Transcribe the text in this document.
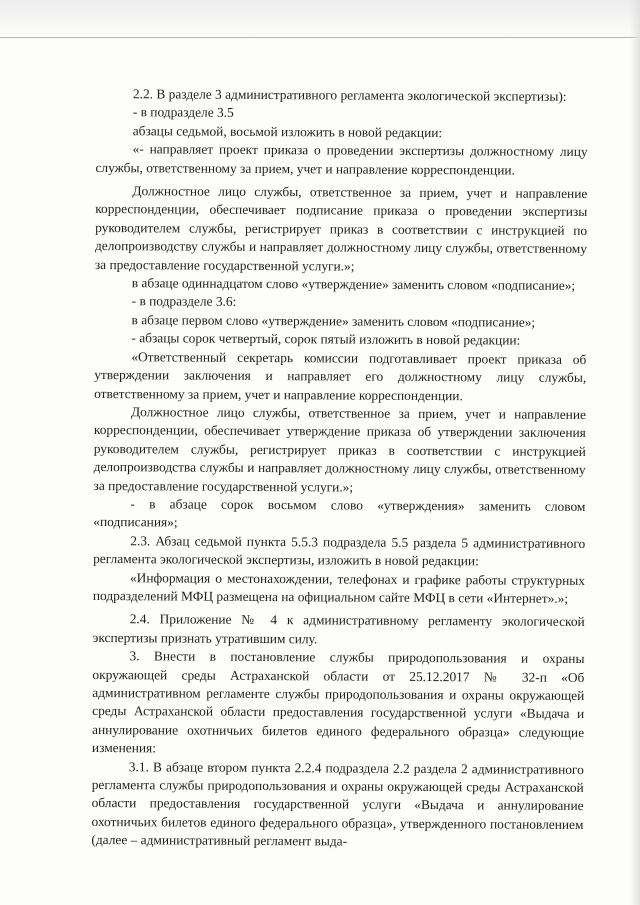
2.2. В разделе 3 административного регламента экологической экспертизы):

- в подразделе 3.5

абзацы седьмой, восьмой изложить в новой редакции:

«- направляет проект приказа о проведении экспертизы должностному лицу службы, ответственному за прием, учет и направление корреспонденции.

Должностное лицо службы, ответственное за прием, учет и направление корреспонденции, обеспечивает подписание приказа о проведении экспертизы руководителем службы, регистрирует приказ в соответствии с инструкцией по делопроизводству службы и направляет должностному лицу службы, ответственному за предоставление государственной услуги.»;

в абзаце одиннадцатом слово «утверждение» заменить словом «подписание»;

- в подразделе 3.6:

в абзаце первом слово «утверждение» заменить словом «подписание»;

- абзацы сорок четвертый, сорок пятый изложить в новой редакции:

«Ответственный секретарь комиссии подготавливает проект приказа об утверждении заключения и направляет его должностному лицу службы, ответственному за прием, учет и направление корреспонденции.

Должностное лицо службы, ответственное за прием, учет и направление корреспонденции, обеспечивает утверждение приказа об утверждении заключения руководителем службы, регистрирует приказ в соответствии с инструкцией делопроизводства службы и направляет должностному лицу службы, ответственному за предоставление государственной услуги.»;

- в абзаце сорок восьмом слово «утверждения» заменить словом «подписания»;

2.3. Абзац седьмой пункта 5.5.3 подраздела 5.5 раздела 5 административного регламента экологической экспертизы, изложить в новой редакции:

«Информация о местонахождении, телефонах и графике работы структурных подразделений МФЦ размещена на официальном сайте МФЦ в сети «Интернет».»;

2.4. Приложение № 4 к административному регламенту экологической экспертизы признать утратившим силу.

3. Внести в постановление службы природопользования и охраны окружающей среды Астраханской области от 25.12.2017 № 32-п «Об административном регламенте службы природопользования и охраны окружающей среды Астраханской области предоставления государственной услуги «Выдача и аннулирование охотничьих билетов единого федерального образца» следующие изменения:

3.1. В абзаце втором пункта 2.2.4 подраздела 2.2 раздела 2 административного регламента службы природопользования и охраны окружающей среды Астраханской области предоставления государственной услуги «Выдача и аннулирование охотничьих билетов единого федерального образца», утвержденного постановлением (далее – административный регламент выда-
